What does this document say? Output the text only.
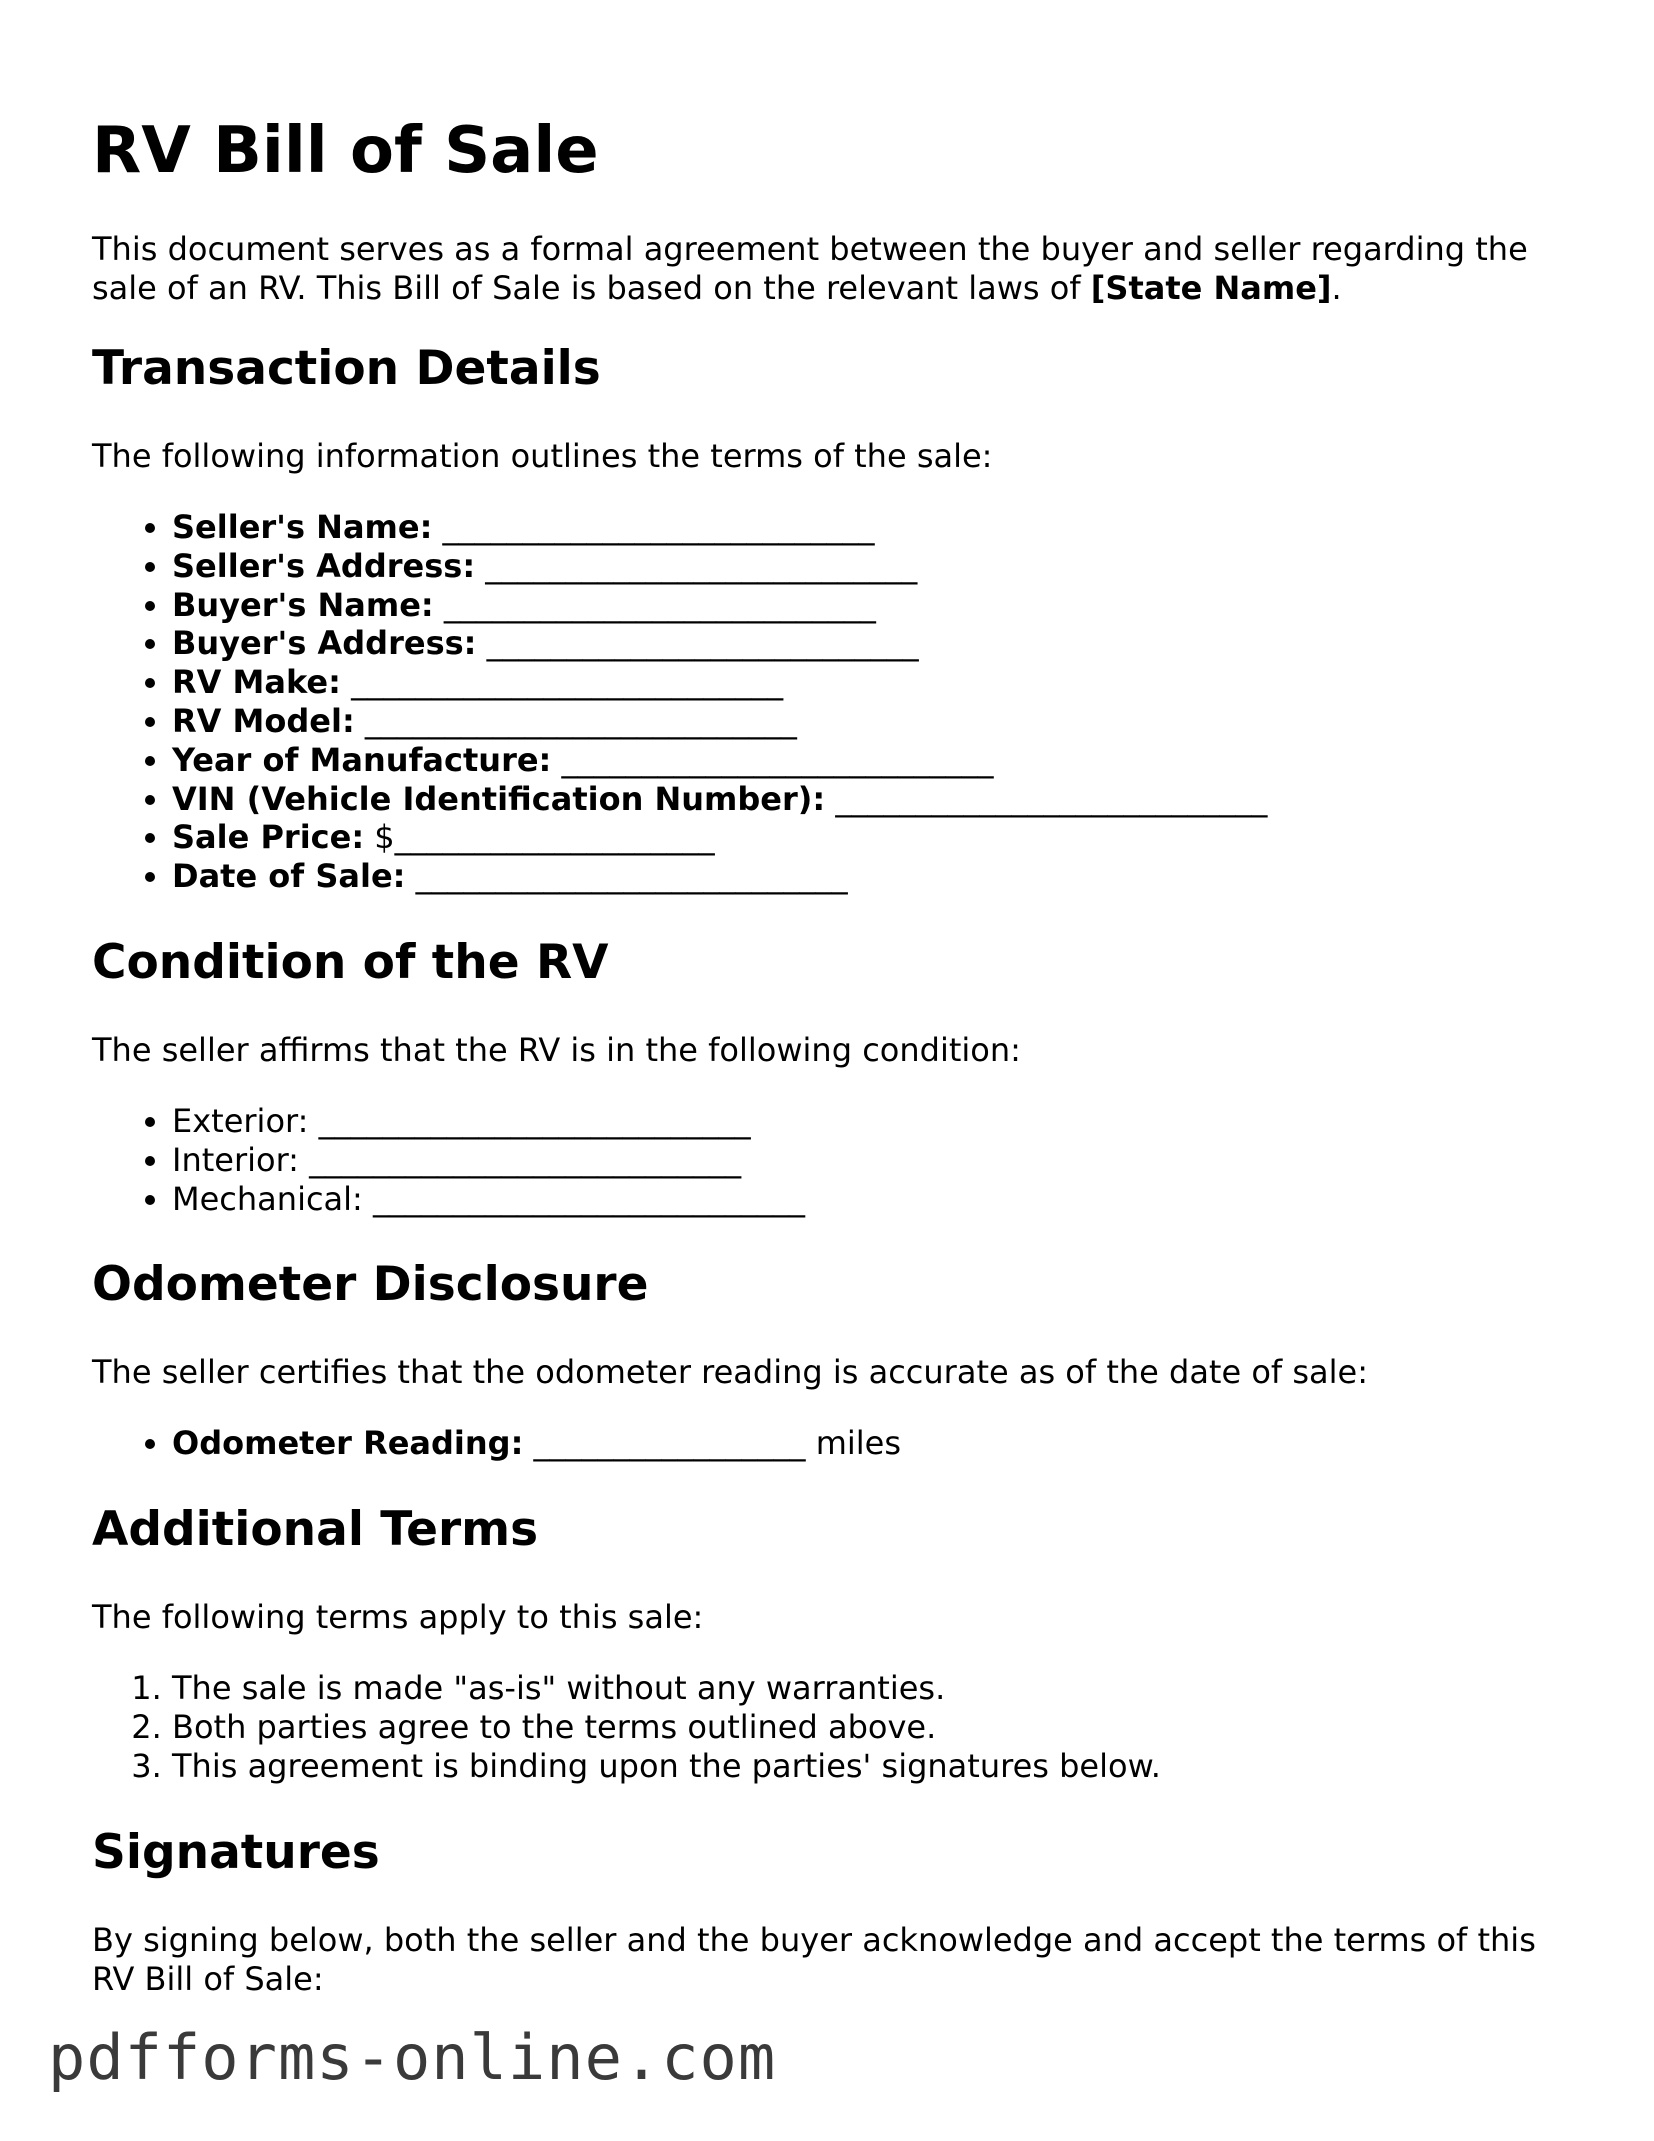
RV Bill of Sale

This document serves as a formal agreement between the buyer and seller regarding the sale of an RV. This Bill of Sale is based on the relevant laws of [State Name].

Transaction Details

The following information outlines the terms of the sale:

• Seller's Name: ___________________________
• Seller's Address: ___________________________
• Buyer's Name: ___________________________
• Buyer's Address: ___________________________
• RV Make: ___________________________
• RV Model: ___________________________
• Year of Manufacture: ___________________________
• VIN (Vehicle Identification Number): ___________________________
• Sale Price: $____________________
• Date of Sale: ___________________________
Condition of the RV

The seller affirms that the RV is in the following condition:

• Exterior: ___________________________
• Interior: ___________________________
• Mechanical: ___________________________
Odometer Disclosure

The seller certifies that the odometer reading is accurate as of the date of sale:

• Odometer Reading: _________________ miles
Additional Terms

The following terms apply to this sale:

1. The sale is made "as-is" without any warranties.
2. Both parties agree to the terms outlined above.
3. This agreement is binding upon the parties' signatures below.
Signatures

By signing below, both the seller and the buyer acknowledge and accept the terms of this RV Bill of Sale:

pdfforms-online.com
